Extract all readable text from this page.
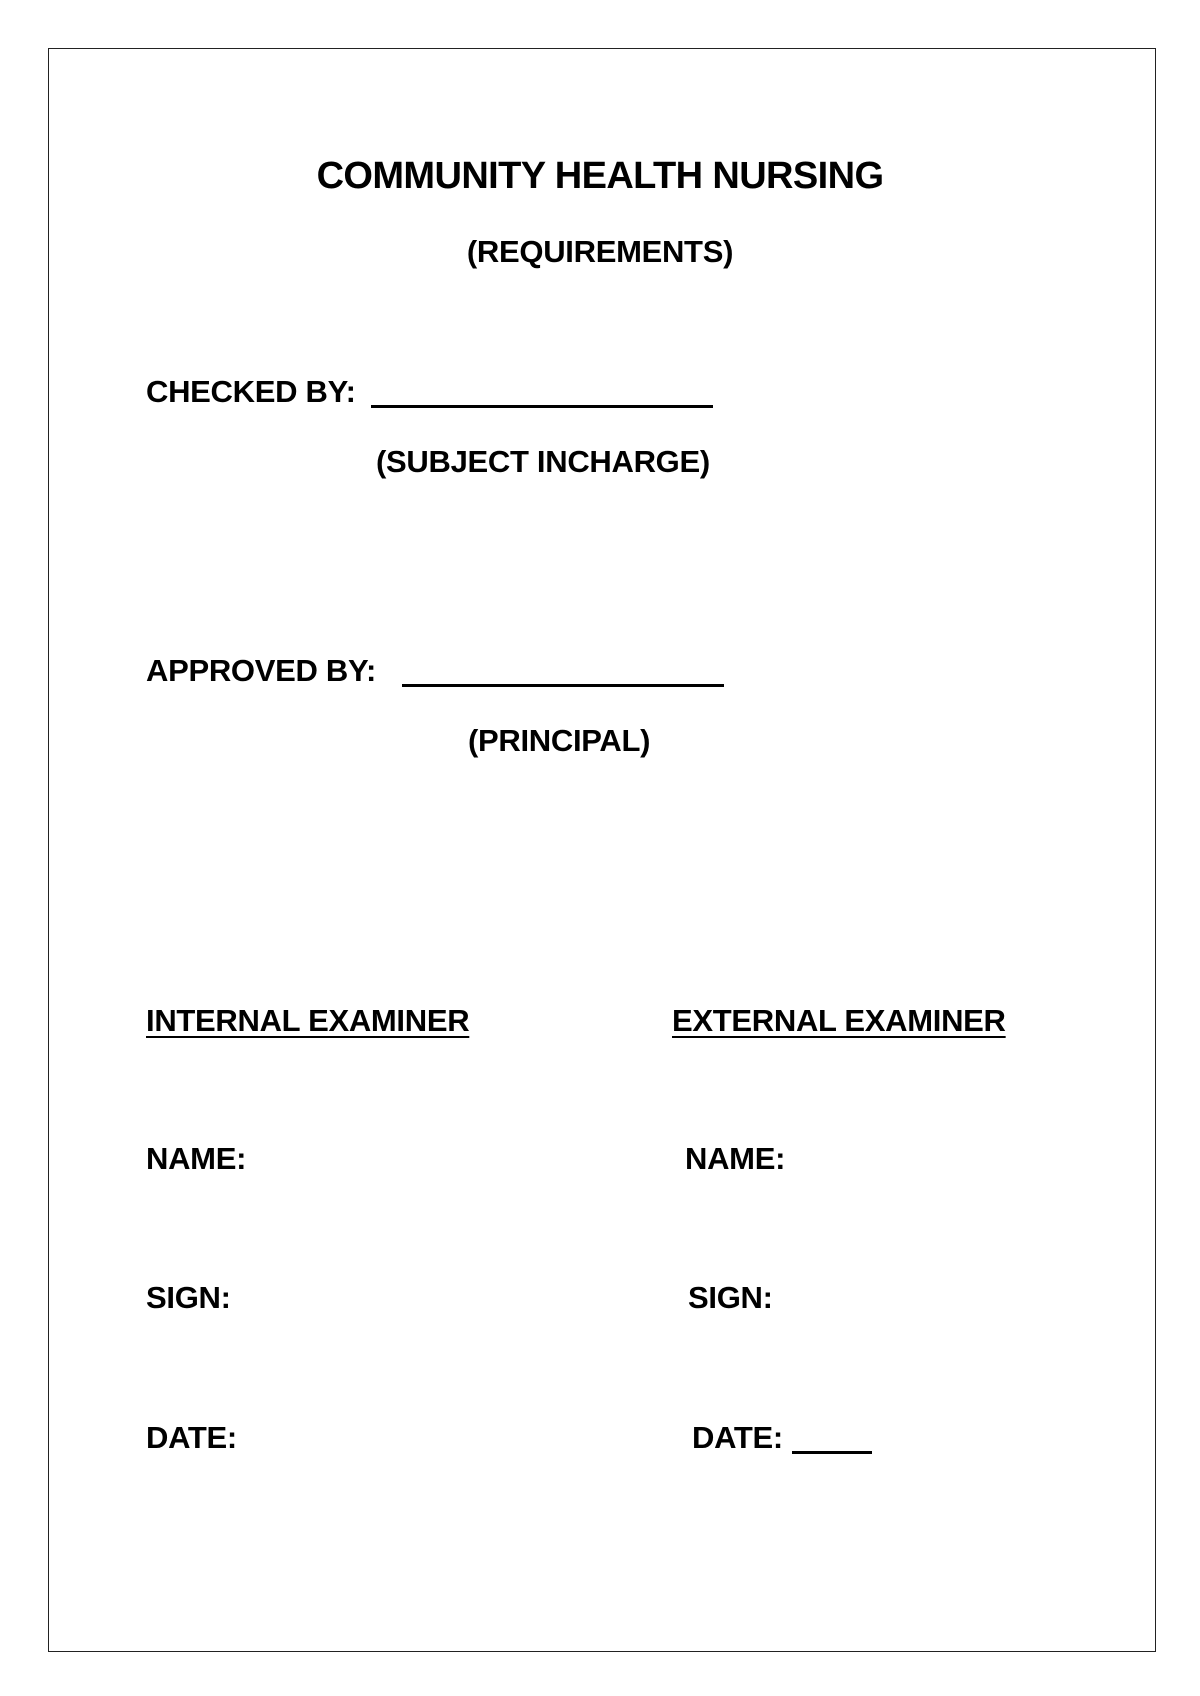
COMMUNITY HEALTH NURSING
(REQUIREMENTS)
CHECKED BY:
(SUBJECT INCHARGE)
APPROVED BY:
(PRINCIPAL)
INTERNAL EXAMINER
NAME:
SIGN:
DATE:
EXTERNAL EXAMINER
NAME:
SIGN:
DATE:
